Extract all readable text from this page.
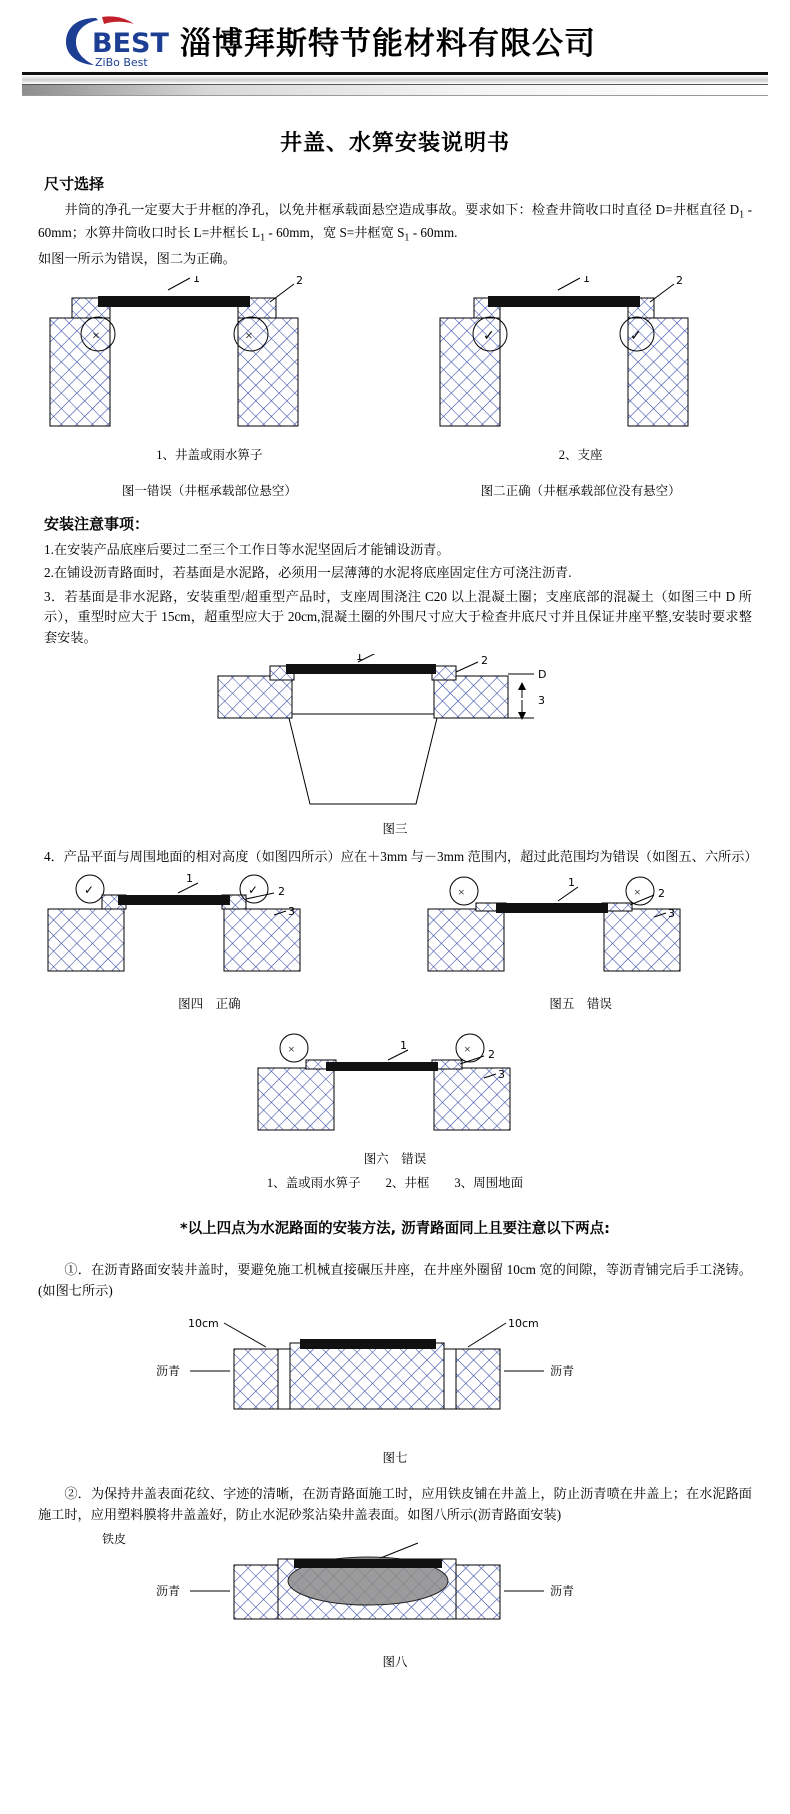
BEST
ZiBo Best
淄博拜斯特节能材料有限公司
井盖、水箅安装说明书
尺寸选择

井筒的净孔一定要大于井框的净孔，以免井框承载面悬空造成事故。要求如下：检查井筒收口时直径 D=井框直径 $D_1 - 60mm$；水箅井筒收口时长 L=井框长 $L_1 - 60mm$，宽 S=井框宽 $S_1 - 60mm$.

如图一所示为错误，图二为正确。

1	2
×	×
1	2
✓	✓
1、井盖或雨水箅子	2、支座
图一错误（井框承载部位悬空）	图二正确（井框承载部位没有悬空）
安装注意事项：

1.在安装产品底座后要过二至三个工作日等水泥坚固后才能铺设沥青。

2.在铺设沥青路面时，若基面是水泥路，必须用一层薄薄的水泥将底座固定住方可浇注沥青.

3．若基面是非水泥路，安装重型/超重型产品时，支座周围浇注 C20 以上混凝土圈；支座底部的混凝土（如图三中 D 所示），重型时应大于 15cm，超重型应大于 20cm,混凝土圈的外围尺寸应大于检查井底尺寸并且保证井座平整,安装时要求整套安装。

1	2
D
3
图三

4．产品平面与周围地面的相对高度（如图四所示）应在＋3mm 与－3mm 范围内，超过此范围均为错误（如图五、六所示）

✓	✓
1
2
3
×	×
1
2
3
图四　正确	图五　错误
×	×
1
2
3
图六　错误
1、盖或雨水箅子　　2、井框　　3、周围地面
*以上四点为水泥路面的安装方法, 沥青路面同上且要注意以下两点:

①．在沥青路面安装井盖时，要避免施工机械直接碾压井座，在井座外圈留 10cm 宽的间隙，等沥青铺完后手工浇铸。(如图七所示)

10cm	10cm
沥青	沥青
图七

②．为保持井盖表面花纹、字迹的清晰，在沥青路面施工时，应用铁皮铺在井盖上，防止沥青喷在井盖上；在水泥路面施工时，应用塑料膜将井盖盖好，防止水泥砂浆沾染井盖表面。如图八所示(沥青路面安装)

铁皮
沥青	沥青
图八
